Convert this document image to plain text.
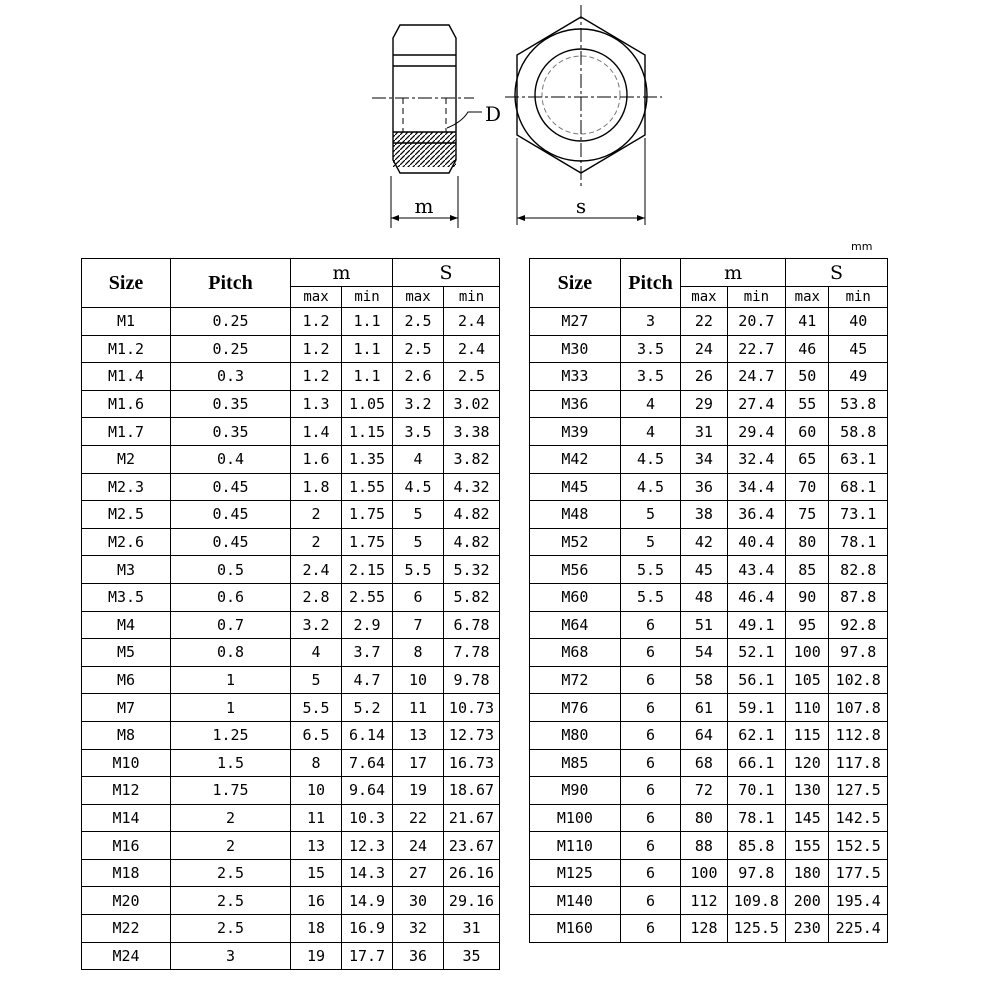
D
m	s
mm
Size	Pitch	m		S	
		max	min	max	min
M1	0.25	1.2	1.1	2.5	2.4
M1.2	0.25	1.2	1.1	2.5	2.4
M1.4	0.3	1.2	1.1	2.6	2.5
M1.6	0.35	1.3	1.05	3.2	3.02
M1.7	0.35	1.4	1.15	3.5	3.38
M2	0.4	1.6	1.35	4	3.82
M2.3	0.45	1.8	1.55	4.5	4.32
M2.5	0.45	2	1.75	5	4.82
M2.6	0.45	2	1.75	5	4.82
M3	0.5	2.4	2.15	5.5	5.32
M3.5	0.6	2.8	2.55	6	5.82
M4	0.7	3.2	2.9	7	6.78
M5	0.8	4	3.7	8	7.78
M6	1	5	4.7	10	9.78
M7	1	5.5	5.2	11	10.73
M8	1.25	6.5	6.14	13	12.73
M10	1.5	8	7.64	17	16.73
M12	1.75	10	9.64	19	18.67
M14	2	11	10.3	22	21.67
M16	2	13	12.3	24	23.67
M18	2.5	15	14.3	27	26.16
M20	2.5	16	14.9	30	29.16
M22	2.5	18	16.9	32	31
M24	3	19	17.7	36	35
Size	Pitch	m		S	
		max	min	max	min
M27	3	22	20.7	41	40
M30	3.5	24	22.7	46	45
M33	3.5	26	24.7	50	49
M36	4	29	27.4	55	53.8
M39	4	31	29.4	60	58.8
M42	4.5	34	32.4	65	63.1
M45	4.5	36	34.4	70	68.1
M48	5	38	36.4	75	73.1
M52	5	42	40.4	80	78.1
M56	5.5	45	43.4	85	82.8
M60	5.5	48	46.4	90	87.8
M64	6	51	49.1	95	92.8
M68	6	54	52.1	100	97.8
M72	6	58	56.1	105	102.8
M76	6	61	59.1	110	107.8
M80	6	64	62.1	115	112.8
M85	6	68	66.1	120	117.8
M90	6	72	70.1	130	127.5
M100	6	80	78.1	145	142.5
M110	6	88	85.8	155	152.5
M125	6	100	97.8	180	177.5
M140	6	112	109.8	200	195.4
M160	6	128	125.5	230	225.4
